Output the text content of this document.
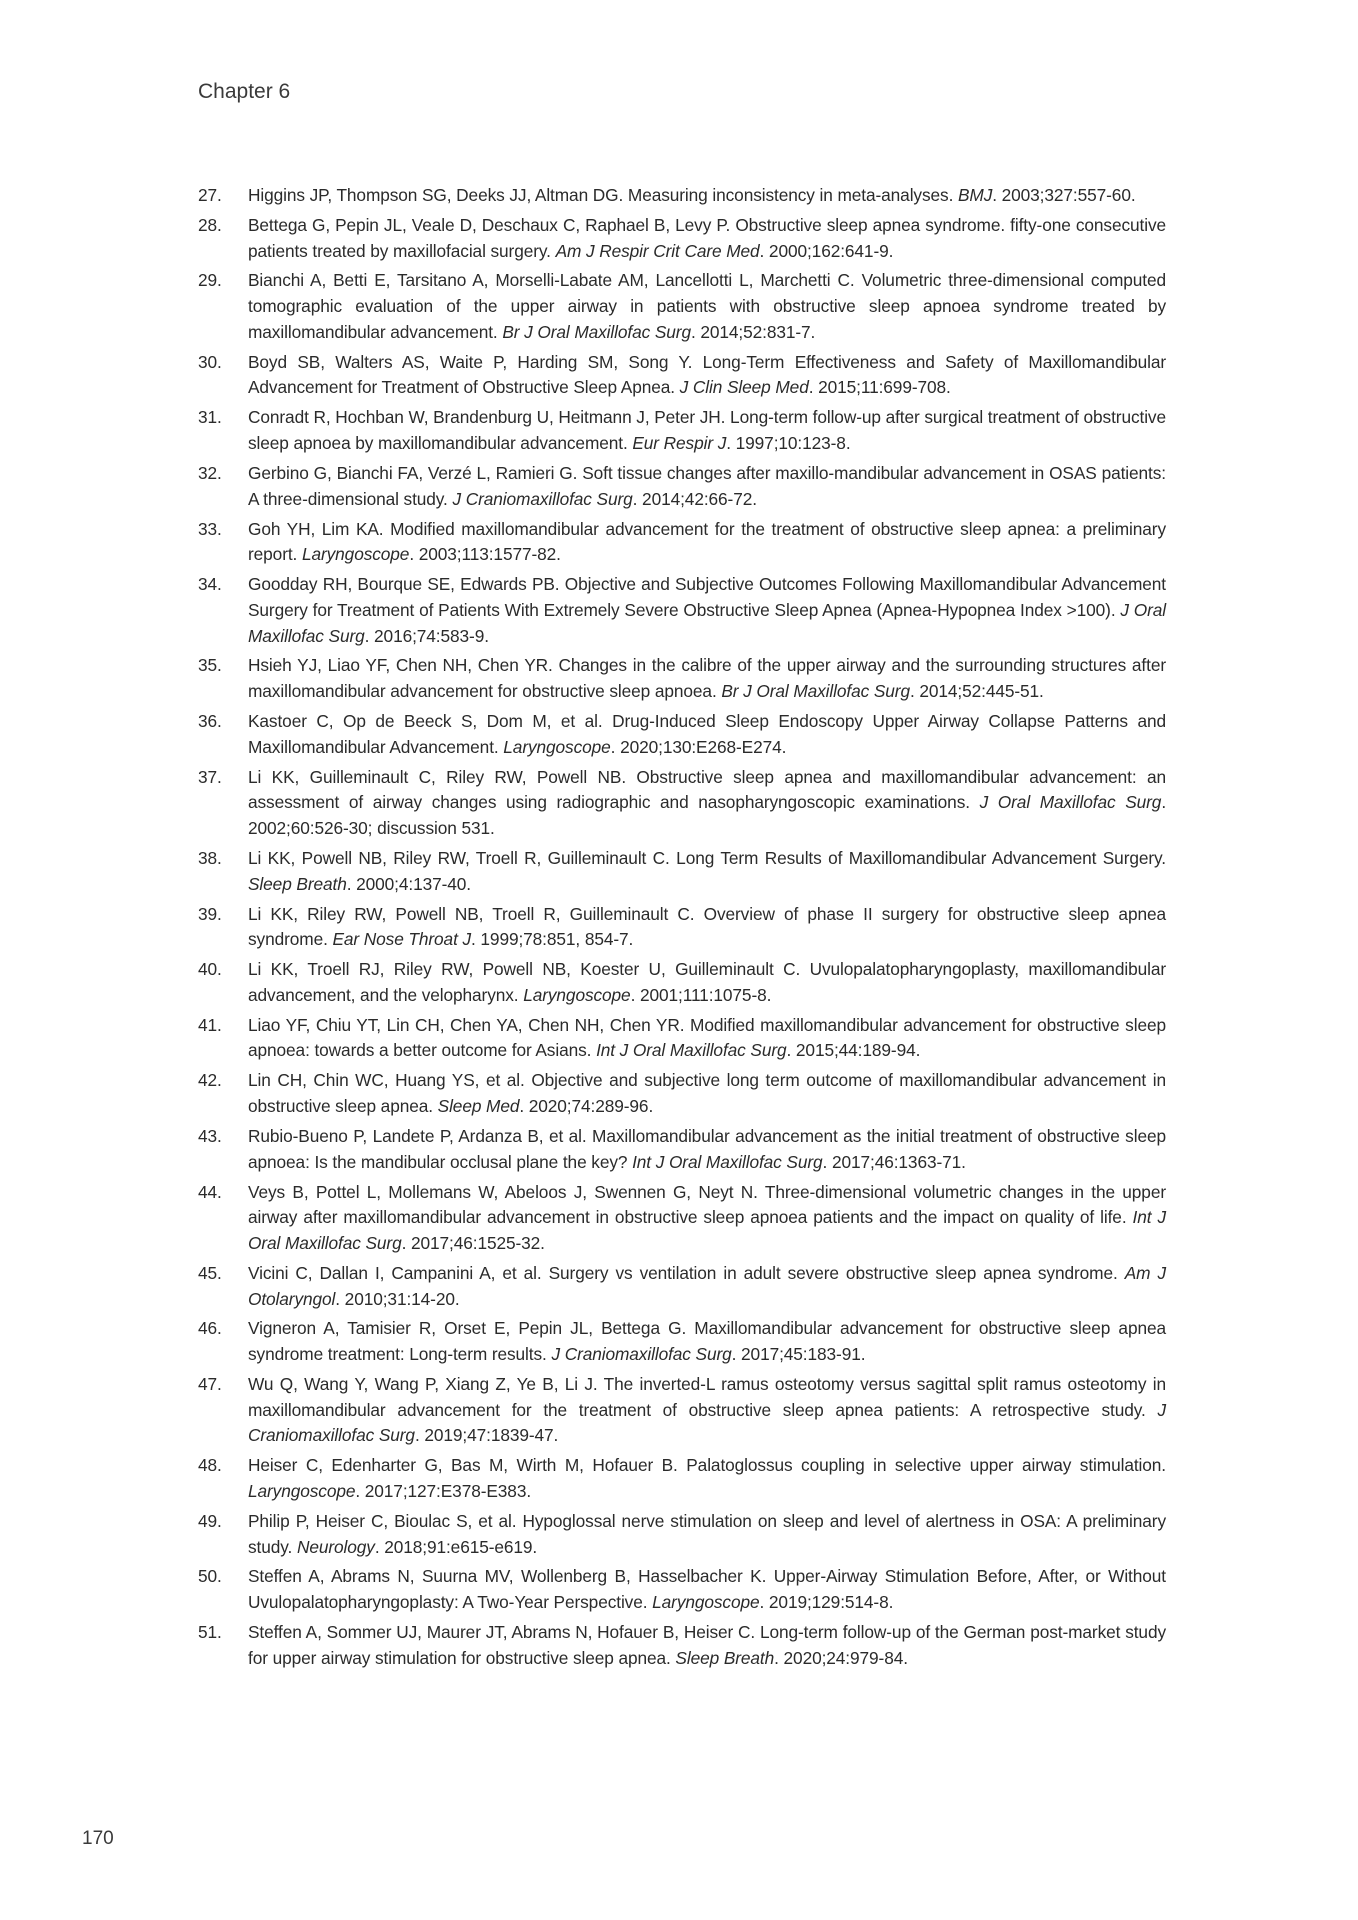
Chapter 6
27.	Higgins JP, Thompson SG, Deeks JJ, Altman DG. Measuring inconsistency in meta-analyses. BMJ. 2003;327:557-60.
28.	Bettega G, Pepin JL, Veale D, Deschaux C, Raphael B, Levy P. Obstructive sleep apnea syndrome. fifty-one consecutive patients treated by maxillofacial surgery. Am J Respir Crit Care Med. 2000;162:641-9.
29.	Bianchi A, Betti E, Tarsitano A, Morselli-Labate AM, Lancellotti L, Marchetti C. Volumetric three-dimensional computed tomographic evaluation of the upper airway in patients with obstructive sleep apnoea syndrome treated by maxillomandibular advancement. Br J Oral Maxillofac Surg. 2014;52:831-7.
30.	Boyd SB, Walters AS, Waite P, Harding SM, Song Y. Long-Term Effectiveness and Safety of Maxillomandibular Advancement for Treatment of Obstructive Sleep Apnea. J Clin Sleep Med. 2015;11:699-708.
31.	Conradt R, Hochban W, Brandenburg U, Heitmann J, Peter JH. Long-term follow-up after surgical treatment of obstructive sleep apnoea by maxillomandibular advancement. Eur Respir J. 1997;10:123-8.
32.	Gerbino G, Bianchi FA, Verzé L, Ramieri G. Soft tissue changes after maxillo-mandibular advancement in OSAS patients: A three-dimensional study. J Craniomaxillofac Surg. 2014;42:66-72.
33.	Goh YH, Lim KA. Modified maxillomandibular advancement for the treatment of obstructive sleep apnea: a preliminary report. Laryngoscope. 2003;113:1577-82.
34.	Goodday RH, Bourque SE, Edwards PB. Objective and Subjective Outcomes Following Maxillomandibular Advancement Surgery for Treatment of Patients With Extremely Severe Obstructive Sleep Apnea (Apnea-Hypopnea Index >100). J Oral Maxillofac Surg. 2016;74:583-9.
35.	Hsieh YJ, Liao YF, Chen NH, Chen YR. Changes in the calibre of the upper airway and the surrounding structures after maxillomandibular advancement for obstructive sleep apnoea. Br J Oral Maxillofac Surg. 2014;52:445-51.
36.	Kastoer C, Op de Beeck S, Dom M, et al. Drug-Induced Sleep Endoscopy Upper Airway Collapse Patterns and Maxillomandibular Advancement. Laryngoscope. 2020;130:E268-E274.
37.	Li KK, Guilleminault C, Riley RW, Powell NB. Obstructive sleep apnea and maxillomandibular advancement: an assessment of airway changes using radiographic and nasopharyngoscopic examinations. J Oral Maxillofac Surg. 2002;60:526-30; discussion 531.
38.	Li KK, Powell NB, Riley RW, Troell R, Guilleminault C. Long Term Results of Maxillomandibular Advancement Surgery. Sleep Breath. 2000;4:137-40.
39.	Li KK, Riley RW, Powell NB, Troell R, Guilleminault C. Overview of phase II surgery for obstructive sleep apnea syndrome. Ear Nose Throat J. 1999;78:851, 854-7.
40.	Li KK, Troell RJ, Riley RW, Powell NB, Koester U, Guilleminault C. Uvulopalatopharyngoplasty, maxillomandibular advancement, and the velopharynx. Laryngoscope. 2001;111:1075-8.
41.	Liao YF, Chiu YT, Lin CH, Chen YA, Chen NH, Chen YR. Modified maxillomandibular advancement for obstructive sleep apnoea: towards a better outcome for Asians. Int J Oral Maxillofac Surg. 2015;44:189-94.
42.	Lin CH, Chin WC, Huang YS, et al. Objective and subjective long term outcome of maxillomandibular advancement in obstructive sleep apnea. Sleep Med. 2020;74:289-96.
43.	Rubio-Bueno P, Landete P, Ardanza B, et al. Maxillomandibular advancement as the initial treatment of obstructive sleep apnoea: Is the mandibular occlusal plane the key? Int J Oral Maxillofac Surg. 2017;46:1363-71.
44.	Veys B, Pottel L, Mollemans W, Abeloos J, Swennen G, Neyt N. Three-dimensional volumetric changes in the upper airway after maxillomandibular advancement in obstructive sleep apnoea patients and the impact on quality of life. Int J Oral Maxillofac Surg. 2017;46:1525-32.
45.	Vicini C, Dallan I, Campanini A, et al. Surgery vs ventilation in adult severe obstructive sleep apnea syndrome. Am J Otolaryngol. 2010;31:14-20.
46.	Vigneron A, Tamisier R, Orset E, Pepin JL, Bettega G. Maxillomandibular advancement for obstructive sleep apnea syndrome treatment: Long-term results. J Craniomaxillofac Surg. 2017;45:183-91.
47.	Wu Q, Wang Y, Wang P, Xiang Z, Ye B, Li J. The inverted-L ramus osteotomy versus sagittal split ramus osteotomy in maxillomandibular advancement for the treatment of obstructive sleep apnea patients: A retrospective study. J Craniomaxillofac Surg. 2019;47:1839-47.
48.	Heiser C, Edenharter G, Bas M, Wirth M, Hofauer B. Palatoglossus coupling in selective upper airway stimulation. Laryngoscope. 2017;127:E378-E383.
49.	Philip P, Heiser C, Bioulac S, et al. Hypoglossal nerve stimulation on sleep and level of alertness in OSA: A preliminary study. Neurology. 2018;91:e615-e619.
50.	Steffen A, Abrams N, Suurna MV, Wollenberg B, Hasselbacher K. Upper-Airway Stimulation Before, After, or Without Uvulopalatopharyngoplasty: A Two-Year Perspective. Laryngoscope. 2019;129:514-8.
51.	Steffen A, Sommer UJ, Maurer JT, Abrams N, Hofauer B, Heiser C. Long-term follow-up of the German post-market study for upper airway stimulation for obstructive sleep apnea. Sleep Breath. 2020;24:979-84.
170
